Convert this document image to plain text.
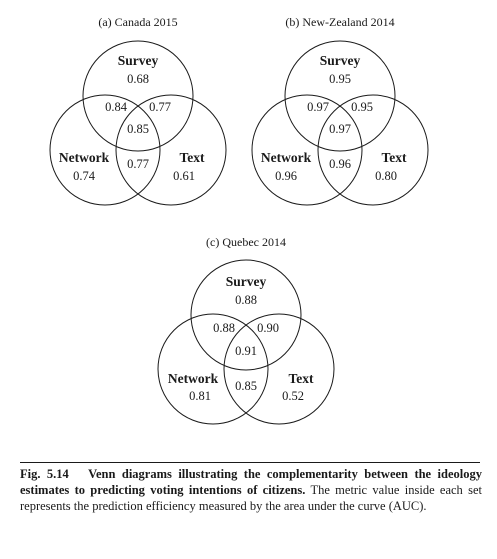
(a) Canada 2015
Survey
0.68
0.84 0.77
0.85
Network
0.74
0.77 Text
0.61
(b) New-Zealand 2014
Survey
0.95
0.97 0.95
0.97
Network
0.96
0.96 Text
0.80
(c) Quebec 2014
Survey
0.88
0.88 0.90
0.91
Network
0.81
0.85 Text
0.52
Fig. 5.14 Venn diagrams illustrating the complementarity between the ideology estimates to predicting voting intentions of citizens. The metric value inside each set represents the prediction efficiency measured by the area under the curve (AUC).
